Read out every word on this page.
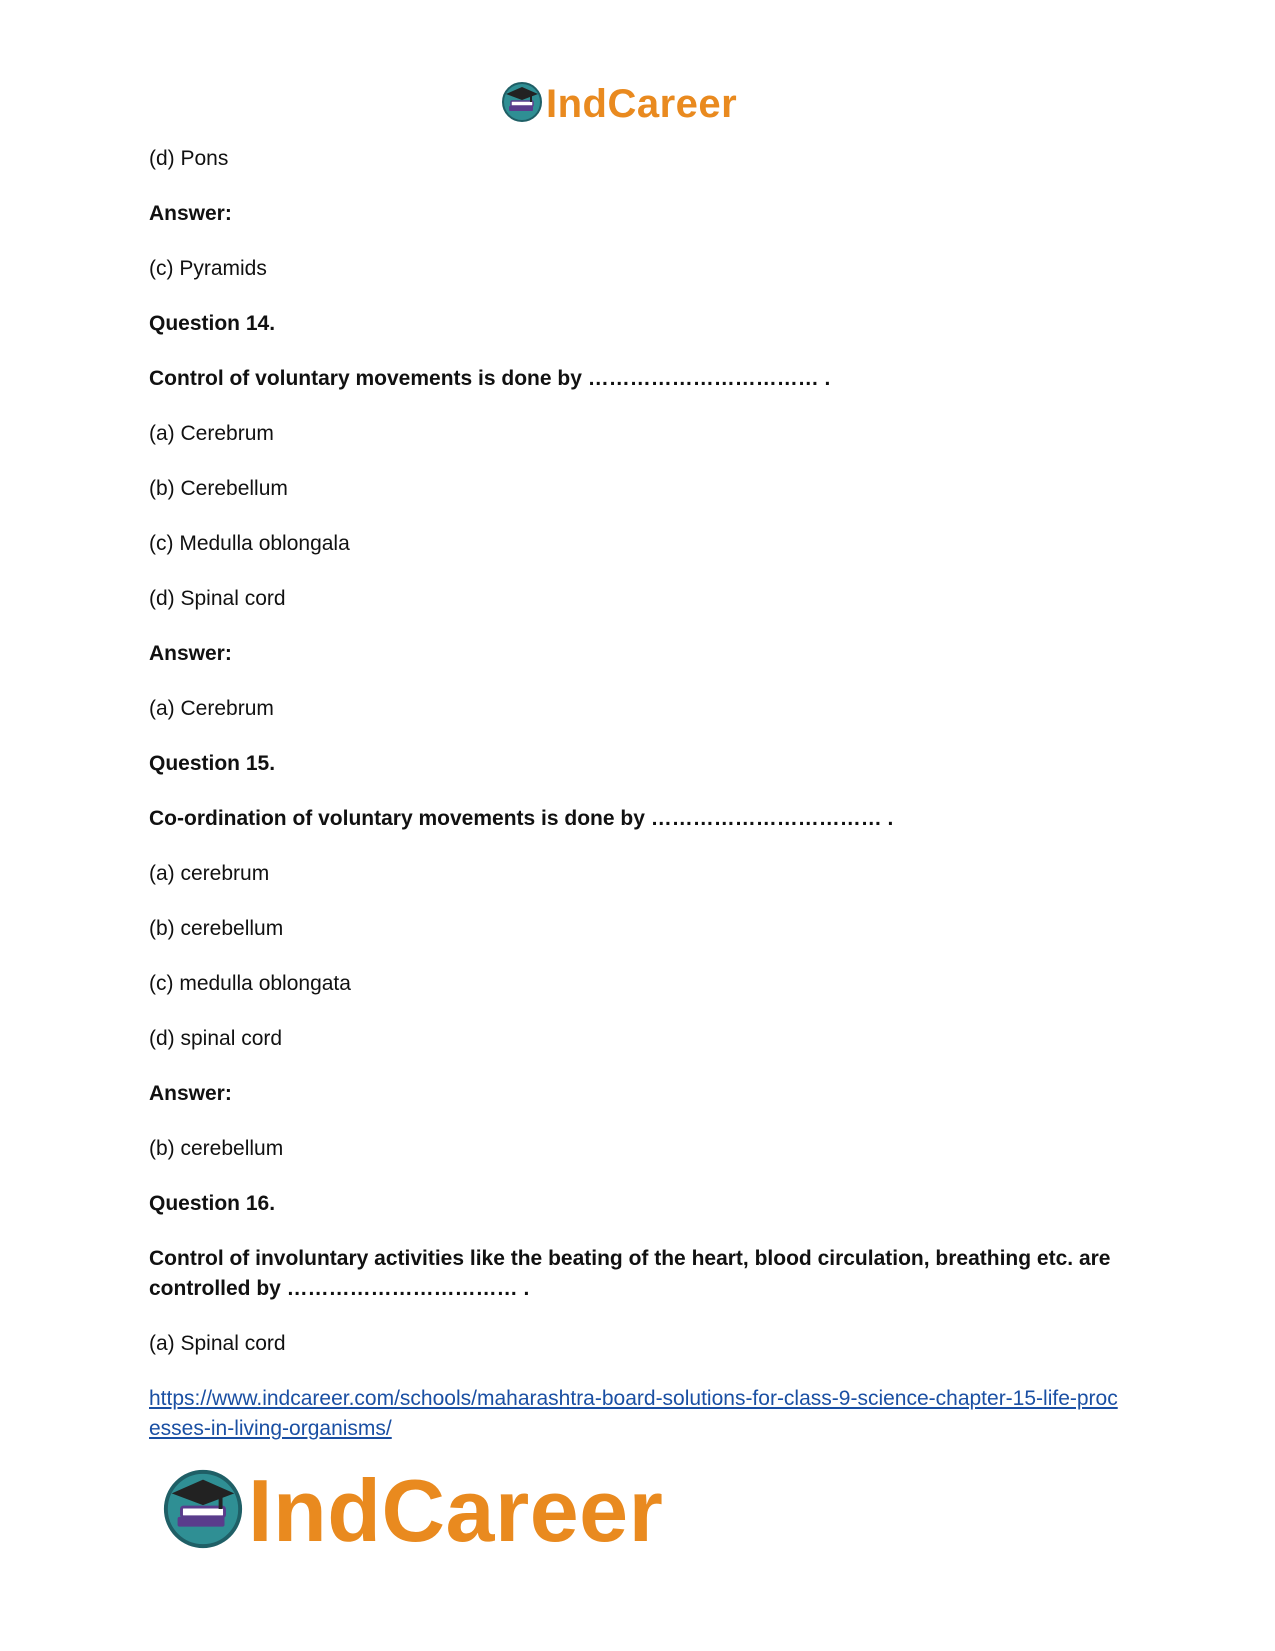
IndCareer
(d) Pons
Answer:
(c) Pyramids
Question 14.
Control of voluntary movements is done by …………………………… .
(a) Cerebrum
(b) Cerebellum
(c) Medulla oblongala
(d) Spinal cord
Answer:
(a) Cerebrum
Question 15.
Co-ordination of voluntary movements is done by …………………………… .
(a) cerebrum
(b) cerebellum
(c) medulla oblongata
(d) spinal cord
Answer:
(b) cerebellum
Question 16.
Control of involuntary activities like the beating of the heart, blood circulation, breathing etc. are controlled by …………………………… .
(a) Spinal cord
https://www.indcareer.com/schools/maharashtra-board-solutions-for-class-9-science-chapter-15-life-processes-in-living-organisms/
IndCareer
